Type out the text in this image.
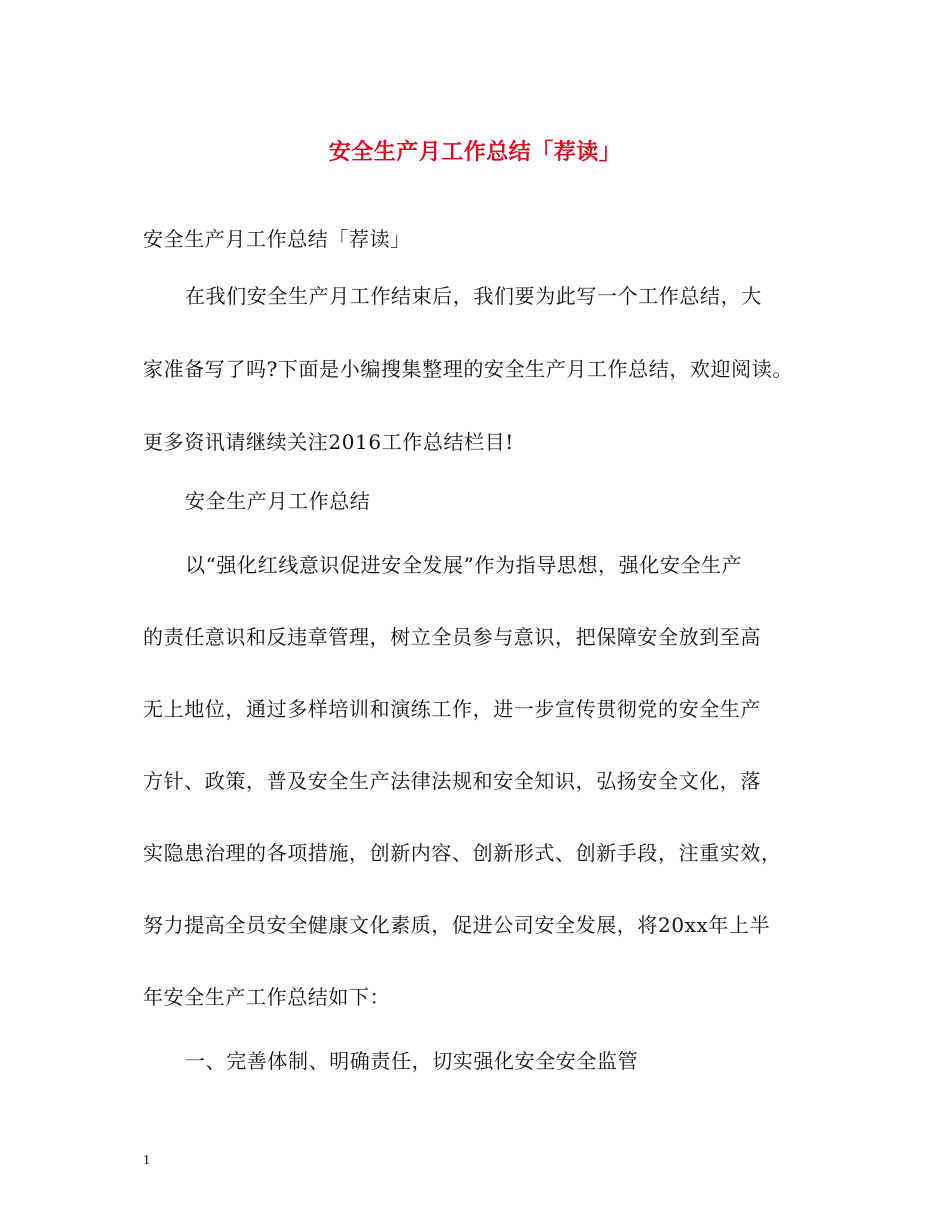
安全生产月工作总结「荐读」
安全生产月工作总结「荐读」
在我们安全生产月工作结束后，我们要为此写一个工作总结，大
家准备写了吗?下面是小编搜集整理的安全生产月工作总结，欢迎阅读。
更多资讯请继续关注2016工作总结栏目!
安全生产月工作总结
以“强化红线意识促进安全发展”作为指导思想，强化安全生产
的责任意识和反违章管理，树立全员参与意识，把保障安全放到至高
无上地位，通过多样培训和演练工作，进一步宣传贯彻党的安全生产
方针、政策，普及安全生产法律法规和安全知识，弘扬安全文化，落
实隐患治理的各项措施，创新内容、创新形式、创新手段，注重实效，
努力提高全员安全健康文化素质，促进公司安全发展，将20xx年上半
年安全生产工作总结如下：
一、完善体制、明确责任，切实强化安全安全监管
1
